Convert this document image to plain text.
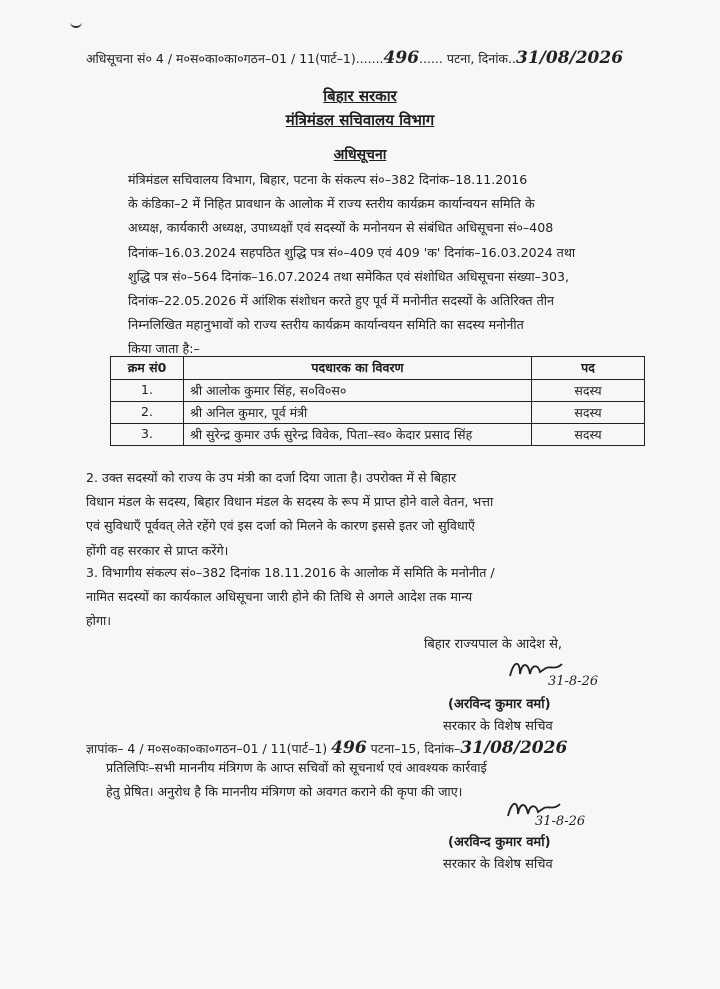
अधिसूचना सं० 4 / म०स०का०का०गठन–01 / 11(पार्ट–1).......496...... पटना, दिनांक..31/08/2026
बिहार सरकार
मंत्रिमंडल सचिवालय विभाग
अधिसूचना
मंत्रिमंडल सचिवालय विभाग, बिहार, पटना के संकल्प सं०–382 दिनांक–18.11.2016
के कंडिका–2 में निहित प्रावधान के आलोक में राज्य स्तरीय कार्यक्रम कार्यान्वयन समिति के
अध्यक्ष, कार्यकारी अध्यक्ष, उपाध्यक्षों एवं सदस्यों के मनोनयन से संबंधित अधिसूचना सं०–408
दिनांक–16.03.2024 सहपठित शुद्धि पत्र सं०–409 एवं 409 'क' दिनांक–16.03.2024 तथा
शुद्धि पत्र सं०–564 दिनांक–16.07.2024 तथा समेकित एवं संशोधित अधिसूचना संख्या–303,
दिनांक–22.05.2026 में आंशिक संशोधन करते हुए पूर्व में मनोनीत सदस्यों के अतिरिक्त तीन
निम्नलिखित महानुभावों को राज्य स्तरीय कार्यक्रम कार्यान्वयन समिति का सदस्य मनोनीत
किया जाता है:–
क्रम सं0	पदधारक का विवरण	पद
1.	श्री आलोक कुमार सिंह, स०वि०स०	सदस्य
2.	श्री अनिल कुमार, पूर्व मंत्री	सदस्य
3.	श्री सुरेन्द्र कुमार उर्फ सुरेन्द्र विवेक, पिता–स्व० केदार प्रसाद सिंह	सदस्य
2. उक्त सदस्यों को राज्य के उप मंत्री का दर्जा दिया जाता है। उपरोक्त में से बिहार
विधान मंडल के सदस्य, बिहार विधान मंडल के सदस्य के रूप में प्राप्त होने वाले वेतन, भत्ता
एवं सुविधाएँ पूर्ववत् लेते रहेंगे एवं इस दर्जा को मिलने के कारण इससे इतर जो सुविधाएँ
होंगी वह सरकार से प्राप्त करेंगे।
3. विभागीय संकल्प सं०–382 दिनांक 18.11.2016 के आलोक में समिति के मनोनीत /
नामित सदस्यों का कार्यकाल अधिसूचना जारी होने की तिथि से अगले आदेश तक मान्य
होगा।
बिहार राज्यपाल के आदेश से,
31-8-26
(अरविन्द कुमार वर्मा)
सरकार के विशेष सचिव
ज्ञापांक– 4 / म०स०का०का०गठन–01 / 11(पार्ट–1) 496 पटना–15, दिनांक–31/08/2026
प्रतिलिपिः–सभी माननीय मंत्रिगण के आप्त सचिवों को सूचनार्थ एवं आवश्यक कार्रवाई
हेतु प्रेषित। अनुरोध है कि माननीय मंत्रिगण को अवगत कराने की कृपा की जाए।
31-8-26
(अरविन्द कुमार वर्मा)
सरकार के विशेष सचिव
